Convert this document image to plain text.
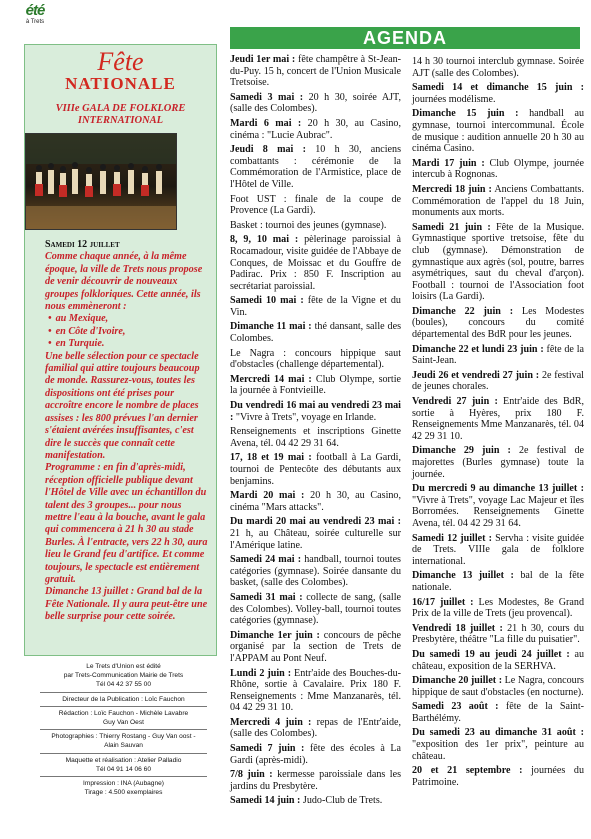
été
à Trets
AGENDA
Fête
NATIONALE
VIIIe GALA DE FOLKLORE
INTERNATIONAL

Samedi 12 juillet

Comme chaque année, à la même époque, la ville de Trets nous propose de venir découvrir de nouveaux groupes folkloriques. Cette année, ils nous emmèneront :

• au Mexique,
• en Côte d'Ivoire,
• en Turquie.

Une belle sélection pour ce spectacle familial qui attire toujours beaucoup de monde. Rassurez-vous, toutes les dispositions ont été prises pour accroître encore le nombre de places assises : les 800 prévues l'an dernier s'étaient avérées insuffisantes, c'est dire le succès que connaît cette manifestation.

Programme : en fin d'après-midi, réception officielle publique devant l'Hôtel de Ville avec un échantillon du talent des 3 groupes... pour nous mettre l'eau à la bouche, avant le gala qui commencera à 21 h 30 au stade Burles. À l'entracte, vers 22 h 30, aura lieu le Grand feu d'artifice. Et comme toujours, le spectacle est entièrement gratuit.

Dimanche 13 juillet : Grand bal de la Fête Nationale. Il y aura peut-être une belle surprise pour cette soirée.

Le Trets d'Union est édité
par Trets-Communication Mairie de Trets
Tél 04 42 37 55 00
Directeur de la Publication : Loïc Fauchon
Rédaction : Loïc Fauchon - Michèle Lavabre
Guy Van Oest
Photographies : Thierry Rostang - Guy Van oost -
Alain Sauvan
Maquette et réalisation : Atelier Palladio
Tél 04 91 14 06 60
Impression : INA (Aubagne)
Tirage : 4.500 exemplaires
Jeudi 1er mai : fête champêtre à St-Jean-du-Puy. 15 h, concert de l'Union Musicale Tretsoise.
Samedi 3 mai : 20 h 30, soirée AJT, (salle des Colombes).
Mardi 6 mai : 20 h 30, au Casino, cinéma : "Lucie Aubrac".
Jeudi 8 mai : 10 h 30, anciens combattants : cérémonie de la Commémoration de l'Armistice, place de l'Hôtel de Ville.
Foot UST : finale de la coupe de Provence (La Gardi).
Basket : tournoi des jeunes (gymnase).
8, 9, 10 mai : pèlerinage paroissial à Rocamadour, visite guidée de l'Abbaye de Conques, de Moissac et du Gouffre de Padirac. Prix : 850 F. Inscription au secrétariat paroissial.
Samedi 10 mai : fête de la Vigne et du Vin.
Dimanche 11 mai : thé dansant, salle des Colombes.
Le Nagra : concours hippique saut d'obstacles (challenge départemental).
Mercredi 14 mai : Club Olympe, sortie la journée à Fontvieille.
Du vendredi 16 mai au vendredi 23 mai : "Vivre à Trets", voyage en Irlande.
Renseignements et inscriptions Ginette Avena, tél. 04 42 29 31 64.
17, 18 et 19 mai : football à La Gardi, tournoi de Pentecôte des débutants aux benjamins.
Mardi 20 mai : 20 h 30, au Casino, cinéma "Mars attacks".
Du mardi 20 mai au vendredi 23 mai : 21 h, au Château, soirée culturelle sur l'Amérique latine.
Samedi 24 mai : handball, tournoi toutes catégories (gymnase). Soirée dansante du basket, (salle des Colombes).
Samedi 31 mai : collecte de sang, (salle des Colombes). Volley-ball, tournoi toutes catégories (gymnase).
Dimanche 1er juin : concours de pêche organisé par la section de Trets de l'APPAM au Pont Neuf.
Lundi 2 juin : Entr'aide des Bouches-du-Rhône, sortie à Cavalaire. Prix 180 F. Renseignements : Mme Manzanarès, tél. 04 42 29 31 10.
Mercredi 4 juin : repas de l'Entr'aide, (salle des Colombes).
Samedi 7 juin : fête des écoles à La Gardi (après-midi).
7/8 juin : kermesse paroissiale dans les jardins du Presbytère.
Samedi 14 juin : Judo-Club de Trets.
14 h 30 tournoi interclub gymnase. Soirée AJT (salle des Colombes).
Samedi 14 et dimanche 15 juin : journées modélisme.
Dimanche 15 juin : handball au gymnase, tournoi intercommunal. École de musique : audition annuelle 20 h 30 au cinéma Casino.
Mardi 17 juin : Club Olympe, journée intercub à Rognonas.
Mercredi 18 juin : Anciens Combattants. Commémoration de l'appel du 18 Juin, monuments aux morts.
Samedi 21 juin : Fête de la Musique. Gymnastique sportive tretsoise, fête du club (gymnase). Démonstration de gymnastique aux agrès (sol, poutre, barres asymétriques, saut du cheval d'arçon). Football : tournoi de l'Association foot loisirs (La Gardi).
Dimanche 22 juin : Les Modestes (boules), concours du comité départemental des BdR pour les jeunes.
Dimanche 22 et lundi 23 juin : fête de la Saint-Jean.
Jeudi 26 et vendredi 27 juin : 2e festival de jeunes chorales.
Vendredi 27 juin : Entr'aide des BdR, sortie à Hyères, prix 180 F. Renseignements Mme Manzanarès, tél. 04 42 29 31 10.
Dimanche 29 juin : 2e festival de majorettes (Burles gymnase) toute la journée.
Du mercredi 9 au dimanche 13 juillet : "Vivre à Trets", voyage Lac Majeur et îles Borromées. Renseignements Ginette Avena, tél. 04 42 29 31 64.
Samedi 12 juillet : Servha : visite guidée de Trets. VIIIe gala de folklore international.
Dimanche 13 juillet : bal de la fête nationale.
16/17 juillet : Les Modestes, 8e Grand Prix de la ville de Trets (jeu provencal).
Vendredi 18 juillet : 21 h 30, cours du Presbytère, théâtre "La fille du puisatier".
Du samedi 19 au jeudi 24 juillet : au château, exposition de la SERHVA.
Dimanche 20 juillet : Le Nagra, concours hippique de saut d'obstacles (en nocturne).
Samedi 23 août : fête de la Saint-Barthélémy.
Du samedi 23 au dimanche 31 août : "exposition des 1er prix", peinture au château.
20 et 21 septembre : journées du Patrimoine.
